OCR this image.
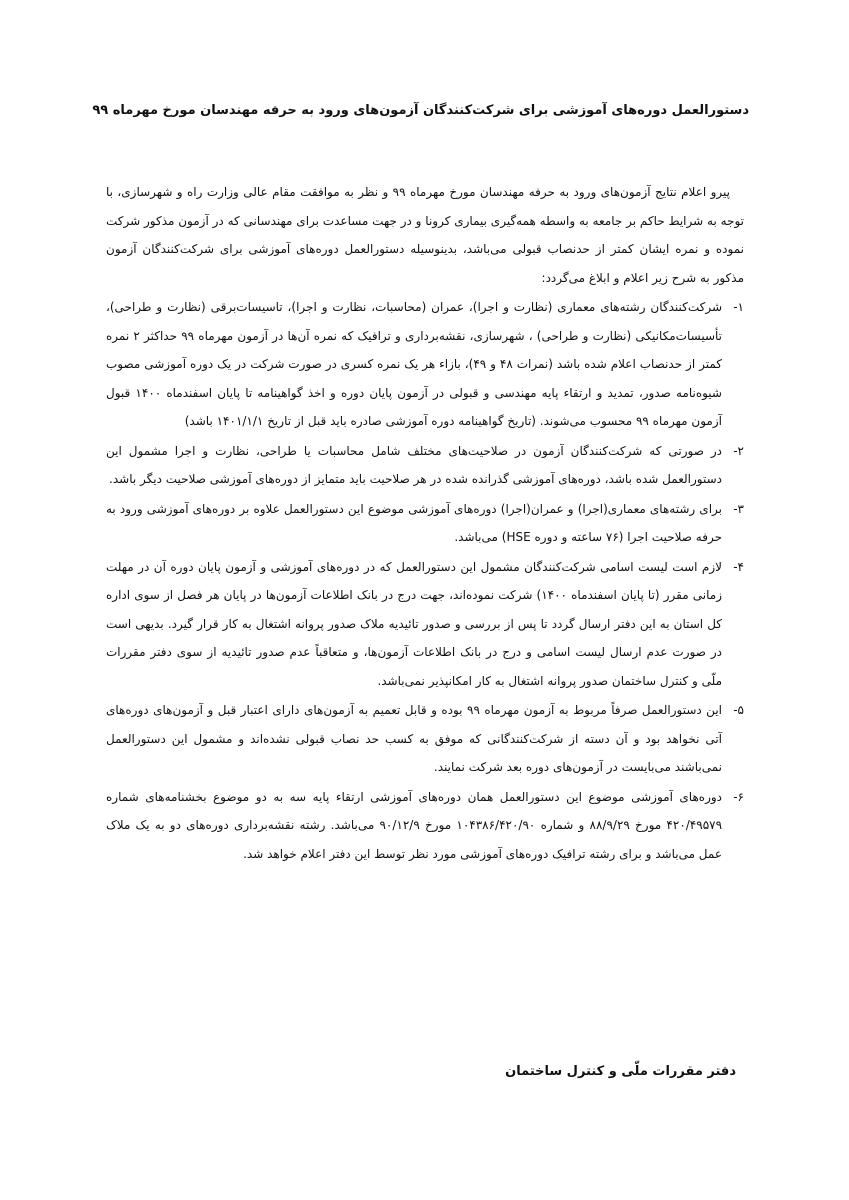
دستورالعمل دوره‌های آموزشی برای شرکت‌کنندگان آزمون‌های ورود به حرفه مهندسان مورخ مهرماه ۹۹

پیرو اعلام نتایج آزمون‌های ورود به حرفه مهندسان مورخ مهرماه ۹۹ و نظر به موافقت مقام عالی وزارت راه و شهرسازی، با توجه به شرایط حاکم بر جامعه به واسطه همه‌گیری بیماری کرونا و در جهت مساعدت برای مهندسانی که در آزمون مذکور شرکت نموده و نمره ایشان کمتر از حدنصاب قبولی می‌باشد، بدینوسیله دستورالعمل دوره‌های آموزشی برای شرکت‌کنندگان آزمون مذکور به شرح زیر اعلام و ابلاغ می‌گردد:

۱-
شرکت‌کنندگان رشته‌های معماری (نظارت و اجرا)، عمران (محاسبات، نظارت و اجرا)، تاسیسات‌برقی (نظارت و طراحی)، تأسیسات‌مکانیکی (نظارت و طراحی) ، شهرسازی، نقشه‌برداری و ترافیک که نمره آن‌ها در آزمون مهرماه ۹۹ حداکثر ۲ نمره کمتر از حدنصاب اعلام شده باشد (نمرات ۴۸ و ۴۹)، بازاء هر یک نمره کسری در صورت شرکت در یک دوره آموزشی مصوب شیوه‌نامه صدور، تمدید و ارتقاء پایه مهندسی و قبولی در آزمون پایان دوره و اخذ گواهینامه تا پایان اسفندماه ۱۴۰۰ قبول آزمون مهرماه ۹۹ محسوب می‌شوند. (تاریخ گواهینامه دوره آموزشی صادره باید قبل از تاریخ ۱۴۰۱/۱/۱ باشد)
۲-
در صورتی که شرکت‌کنندگان آزمون در صلاحیت‌های مختلف شامل محاسبات یا طراحی، نظارت و اجرا مشمول این دستورالعمل شده باشد، دوره‌های آموزشی گذرانده شده در هر صلاحیت باید متمایز از دوره‌های آموزشی صلاحیت دیگر باشد.
۳-
برای رشته‌های معماری(اجرا) و عمران(اجرا) دوره‌های آموزشی موضوع این دستورالعمل علاوه بر دوره‌های آموزشی ورود به حرفه صلاحیت اجرا (۷۶ ساعته و دوره HSE) می‌باشد.
۴-
لازم است لیست اسامی شرکت‌کنندگان مشمول این دستورالعمل که در دوره‌های آموزشی و آزمون پایان دوره آن در مهلت زمانی مقرر (تا پایان اسفندماه ۱۴۰۰) شرکت نموده‌اند، جهت درج در بانک اطلاعات آزمون‌ها در پایان هر فصل از سوی اداره کل استان به این دفتر ارسال گردد تا پس از بررسی و صدور تائیدیه ملاک صدور پروانه اشتغال به کار قرار گیرد. بدیهی است در صورت عدم ارسال لیست اسامی و درج در بانک اطلاعات آزمون‌ها، و متعاقباً عدم صدور تائیدیه از سوی دفتر مقررات ملّی و کنترل ساختمان صدور پروانه اشتغال به کار امکانپذیر نمی‌باشد.
۵-
این دستورالعمل صرفاً مربوط به آزمون مهرماه ۹۹ بوده و قابل تعمیم به آزمون‌های دارای اعتبار قبل و آزمون‌های دوره‌های آتی نخواهد بود و آن دسته از شرکت‌کنندگانی که موفق به کسب حد نصاب قبولی نشده‌اند و مشمول این دستورالعمل نمی‌باشند می‌بایست در آزمون‌های دوره بعد شرکت نمایند.
۶-
دوره‌های آموزشی موضوع این دستورالعمل همان دوره‌های آموزشی ارتقاء پایه سه به دو موضوع بخشنامه‌های شماره ۴۲۰/۴۹۵۷۹ مورخ ۸۸/۹/۲۹ و شماره ۱۰۴۳۸۶/۴۲۰/۹۰ مورخ ۹۰/۱۲/۹ می‌باشد. رشته نقشه‌برداری دوره‌های دو به یک ملاک عمل می‌باشد و برای رشته ترافیک دوره‌های آموزشی مورد نظر توسط این دفتر اعلام خواهد شد.
دفتر مقررات ملّی و کنترل ساختمان
